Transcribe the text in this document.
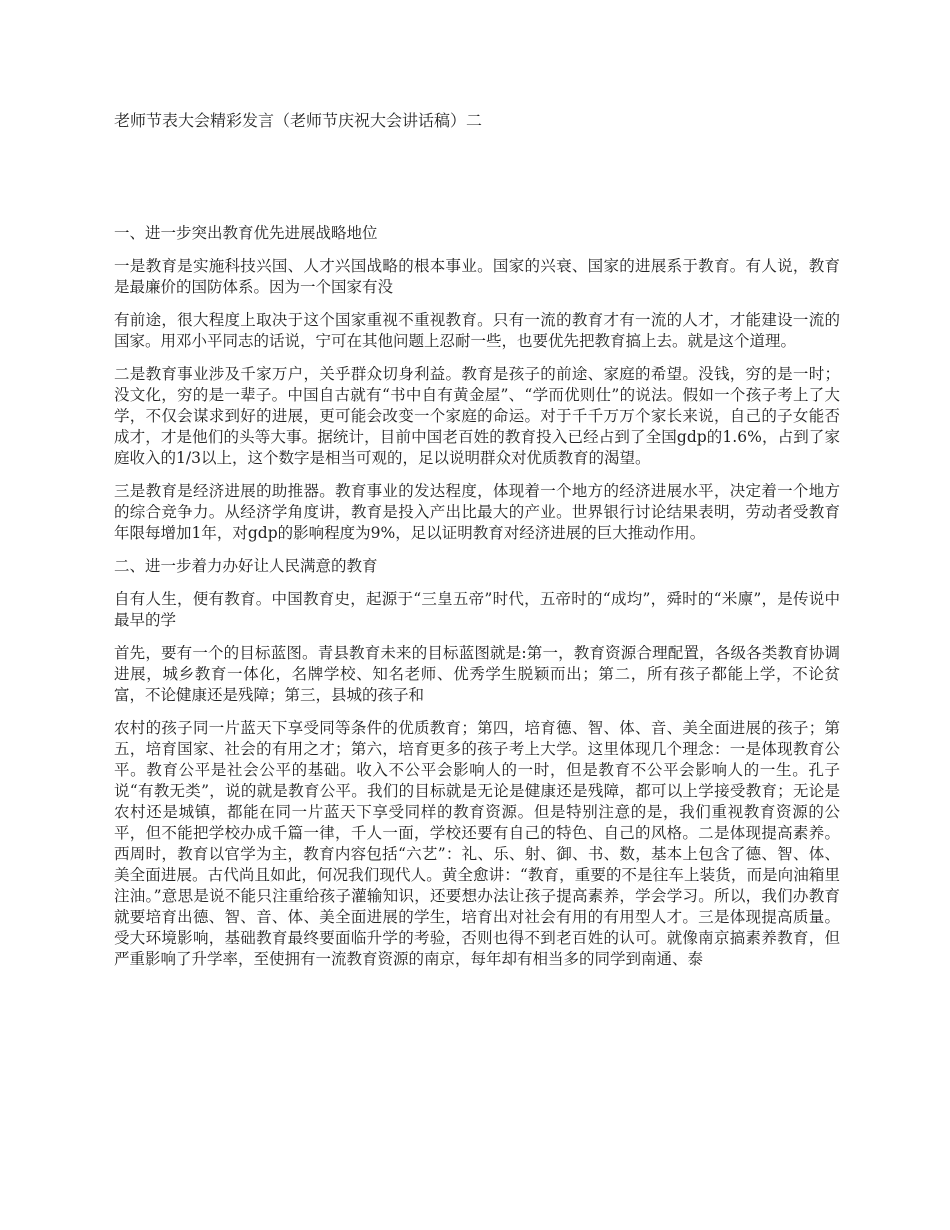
老师节表大会精彩发言（老师节庆祝大会讲话稿）二

一、进一步突出教育优先进展战略地位

一是教育是实施科技兴国、人才兴国战略的根本事业。国家的兴衰、国家的进展系于教育。有人说，教育是最廉价的国防体系。因为一个国家有没

有前途，很大程度上取决于这个国家重视不重视教育。只有一流的教育才有一流的人才，才能建设一流的国家。用邓小平同志的话说，宁可在其他问题上忍耐一些，也要优先把教育搞上去。就是这个道理。

二是教育事业涉及千家万户，关乎群众切身利益。教育是孩子的前途、家庭的希望。没钱，穷的是一时；没文化，穷的是一辈子。中国自古就有“书中自有黄金屋”、“学而优则仕”的说法。假如一个孩子考上了大学，不仅会谋求到好的进展，更可能会改变一个家庭的命运。对于千千万万个家长来说，自己的子女能否成才，才是他们的头等大事。据统计，目前中国老百姓的教育投入已经占到了全国gdp的1.6%，占到了家庭收入的1/3以上，这个数字是相当可观的，足以说明群众对优质教育的渴望。

三是教育是经济进展的助推器。教育事业的发达程度，体现着一个地方的经济进展水平，决定着一个地方的综合竞争力。从经济学角度讲，教育是投入产出比最大的产业。世界银行讨论结果表明，劳动者受教育年限每增加1年，对gdp的影响程度为9%，足以证明教育对经济进展的巨大推动作用。

二、进一步着力办好让人民满意的教育

自有人生，便有教育。中国教育史，起源于“三皇五帝”时代，五帝时的“成均”，舜时的“米廪”，是传说中最早的学

首先，要有一个的目标蓝图。青县教育未来的目标蓝图就是:第一，教育资源合理配置，各级各类教育协调进展，城乡教育一体化，名牌学校、知名老师、优秀学生脱颖而出；第二，所有孩子都能上学，不论贫富，不论健康还是残障；第三，县城的孩子和

农村的孩子同一片蓝天下享受同等条件的优质教育；第四，培育德、智、体、音、美全面进展的孩子；第五，培育国家、社会的有用之才；第六，培育更多的孩子考上大学。这里体现几个理念：一是体现教育公平。教育公平是社会公平的基础。收入不公平会影响人的一时，但是教育不公平会影响人的一生。孔子说“有教无类”，说的就是教育公平。我们的目标就是无论是健康还是残障，都可以上学接受教育；无论是农村还是城镇，都能在同一片蓝天下享受同样的教育资源。但是特别注意的是，我们重视教育资源的公平，但不能把学校办成千篇一律，千人一面，学校还要有自己的特色、自己的风格。二是体现提高素养。西周时，教育以官学为主，教育内容包括“六艺”：礼、乐、射、御、书、数，基本上包含了德、智、体、美全面进展。古代尚且如此，何况我们现代人。黄全愈讲：“教育，重要的不是往车上装货，而是向油箱里注油。”意思是说不能只注重给孩子灌输知识，还要想办法让孩子提高素养，学会学习。所以，我们办教育就要培育出德、智、音、体、美全面进展的学生，培育出对社会有用的有用型人才。三是体现提高质量。受大环境影响，基础教育最终要面临升学的考验，否则也得不到老百姓的认可。就像南京搞素养教育，但严重影响了升学率，至使拥有一流教育资源的南京，每年却有相当多的同学到南通、泰
